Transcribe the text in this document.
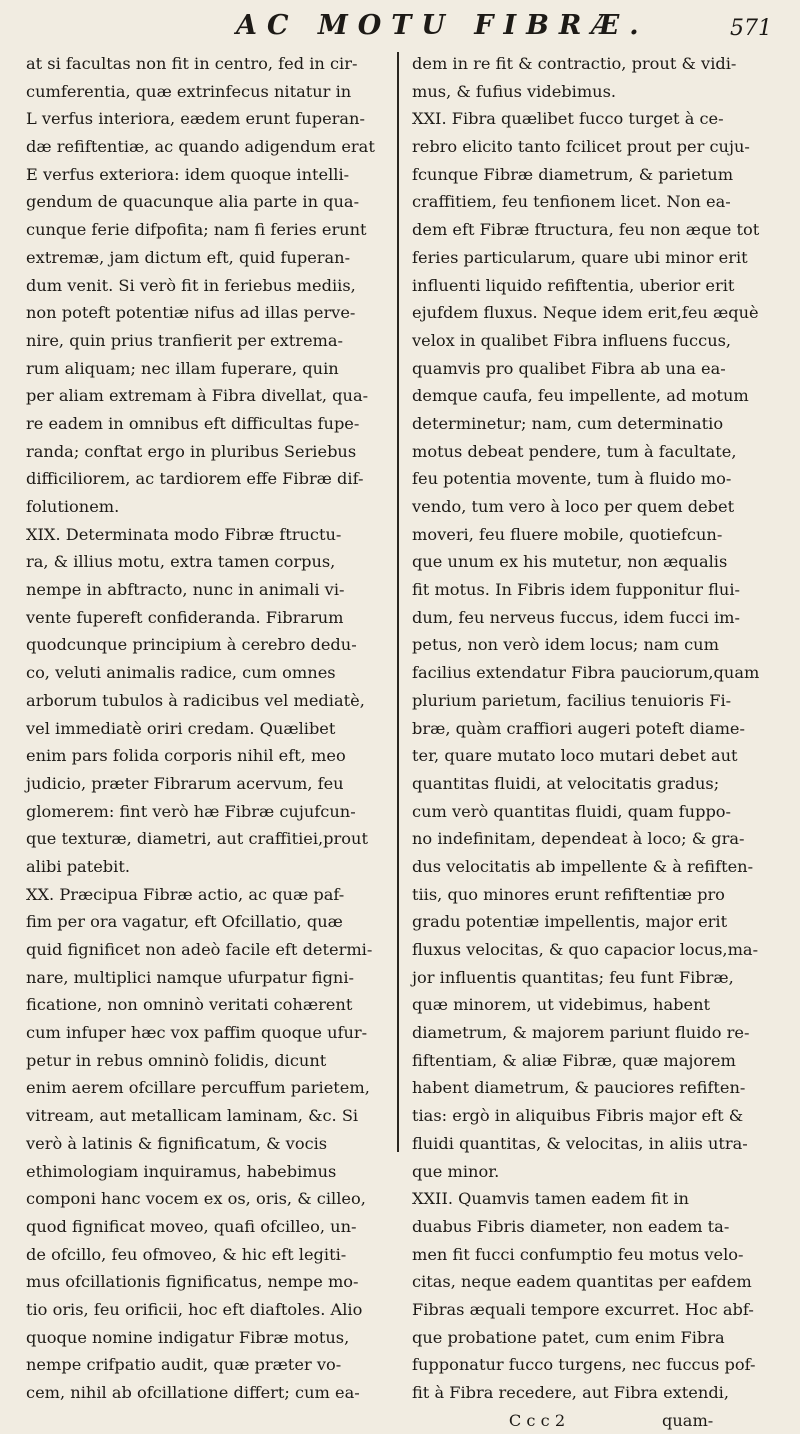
AC MOTU FIBRÆ.	571
at si facultas non fit in centro, fed in cir-
cumferentia, quæ extrinfecus nitatur in
L verfus interiora, eædem erunt fuperan-
dæ refiftentiæ, ac quando adigendum erat
E verfus exteriora: idem quoque intelli-
gendum de quacunque alia parte in qua-
cunque ferie difpofita; nam fi feries erunt
extremæ, jam dictum eft, quid fuperan-
dum venit. Si verò fit in feriebus mediis,
non poteft potentiæ nifus ad illas perve-
nire, quin prius tranfierit per extrema-
rum aliquam; nec illam fuperare, quin
per aliam extremam à Fibra divellat, qua-
re eadem in omnibus eft difficultas fupe-
randa; conftat ergo in pluribus Seriebus
difficiliorem, ac tardiorem effe Fibræ dif-
folutionem.
XIX. Determinata modo Fibræ ftructu-
ra, & illius motu, extra tamen corpus,
nempe in abftracto, nunc in animali vi-
vente fupereft confideranda. Fibrarum
quodcunque principium à cerebro dedu-
co, veluti animalis radice, cum omnes
arborum tubulos à radicibus vel mediatè,
vel immediatè oriri credam. Quælibet
enim pars folida corporis nihil eft, meo
judicio, præter Fibrarum acervum, feu
glomerem: fint verò hæ Fibræ cujufcun-
que texturæ, diametri, aut craffitiei,prout
alibi patebit.
XX. Præcipua Fibræ actio, ac quæ paf-
fim per ora vagatur, eft Ofcillatio, quæ
quid fignificet non adeò facile eft determi-
nare, multiplici namque ufurpatur figni-
ficatione, non omninò veritati cohærent
cum infuper hæc vox paffim quoque ufur-
petur in rebus omninò folidis, dicunt
enim aerem ofcillare percuffum parietem,
vitream, aut metallicam laminam, &c. Si
verò à latinis & fignificatum, & vocis
ethimologiam inquiramus, habebimus
componi hanc vocem ex os, oris, & cilleo,
quod fignificat moveo, quafi ofcilleo, un-
de ofcillo, feu ofmoveo, & hic eft legiti-
mus ofcillationis fignificatus, nempe mo-
tio oris, feu orificii, hoc eft diaftoles. Alio
quoque nomine indigatur Fibræ motus,
nempe crifpatio audit, quæ præter vo-
cem, nihil ab ofcillatione differt; cum ea-
dem in re fit & contractio, prout & vidi-
mus, & fufius videbimus.
XXI. Fibra quælibet fucco turget à ce-
rebro elicito tanto fcilicet prout per cuju-
fcunque Fibræ diametrum, & parietum
craffitiem, feu tenfionem licet. Non ea-
dem eft Fibræ ftructura, feu non æque tot
feries particularum, quare ubi minor erit
influenti liquido refiftentia, uberior erit
ejufdem fluxus. Neque idem erit,feu æquè
velox in qualibet Fibra influens fuccus,
quamvis pro qualibet Fibra ab una ea-
demque caufa, feu impellente, ad motum
determinetur; nam, cum determinatio
motus debeat pendere, tum à facultate,
feu potentia movente, tum à fluido mo-
vendo, tum vero à loco per quem debet
moveri, feu fluere mobile, quotiefcun-
que unum ex his mutetur, non æqualis
fit motus. In Fibris idem fupponitur flui-
dum, feu nerveus fuccus, idem fucci im-
petus, non verò idem locus; nam cum
facilius extendatur Fibra pauciorum,quam
plurium parietum, facilius tenuioris Fi-
bræ, quàm craffiori augeri poteft diame-
ter, quare mutato loco mutari debet aut
quantitas fluidi, at velocitatis gradus;
cum verò quantitas fluidi, quam fuppo-
no indefinitam, dependeat à loco; & gra-
dus velocitatis ab impellente & à refiften-
tiis, quo minores erunt refiftentiæ pro
gradu potentiæ impellentis, major erit
fluxus velocitas, & quo capacior locus,ma-
jor influentis quantitas; feu funt Fibræ,
quæ minorem, ut videbimus, habent
diametrum, & majorem pariunt fluido re-
fiftentiam, & aliæ Fibræ, quæ majorem
habent diametrum, & pauciores refiften-
tias: ergò in aliquibus Fibris major eft &
fluidi quantitas, & velocitas, in aliis utra-
que minor.
XXII. Quamvis tamen eadem fit in
duabus Fibris diameter, non eadem ta-
men fit fucci confumptio feu motus velo-
citas, neque eadem quantitas per eafdem
Fibras æquali tempore excurret. Hoc abf-
que probatione patet, cum enim Fibra
fupponatur fucco turgens, nec fuccus pof-
fit à Fibra recedere, aut Fibra extendi,
C c c 2	quam-
